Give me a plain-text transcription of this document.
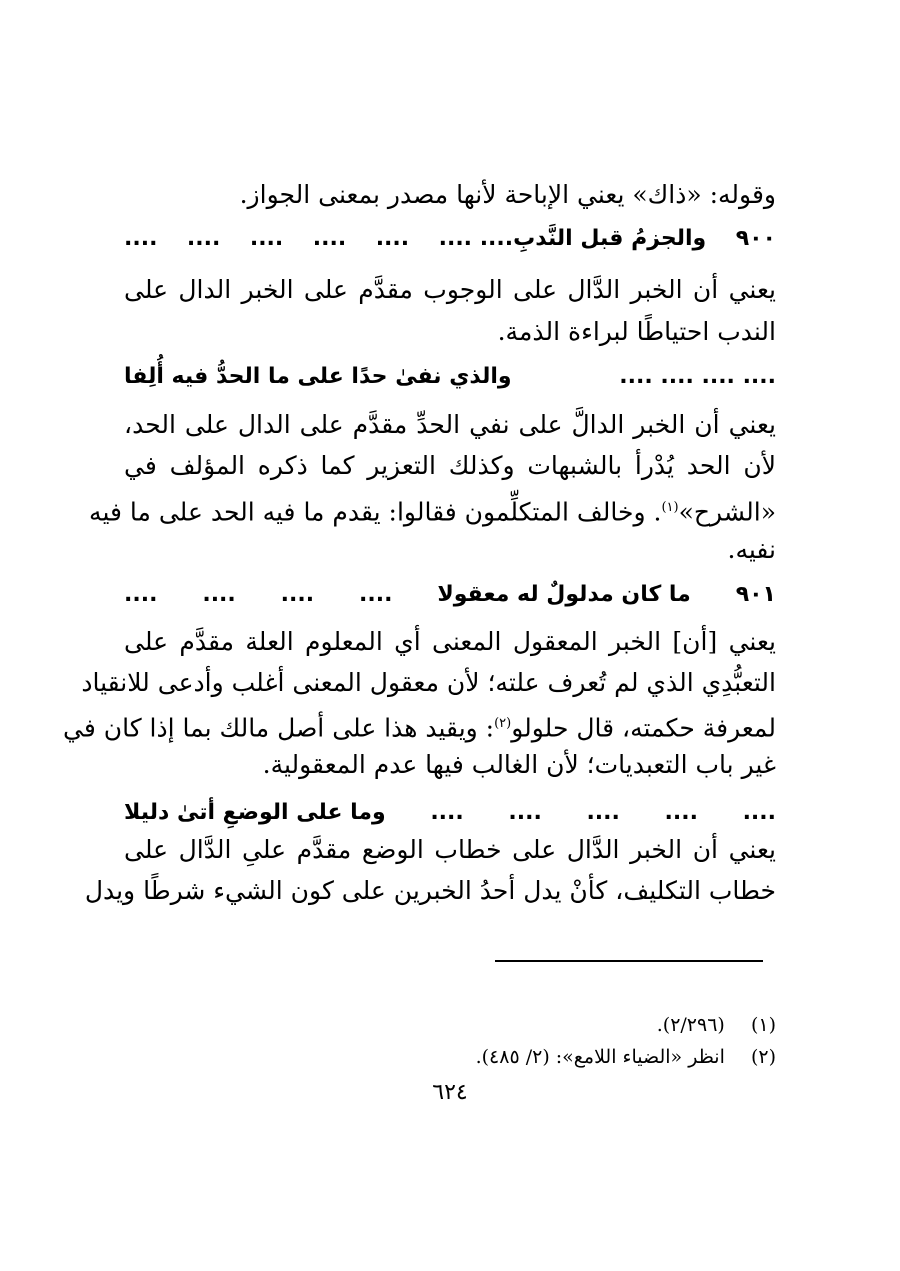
وقوله: «ذاك» يعني الإباحة لأنها مصدر بمعنى الجواز.
٩٠٠
والجزمُ قبل النَّدبِ.... ....
....
....
....
....
....
يعني أن الخبر الدَّال على الوجوب مقدَّم على الخبر الدال على
الندب احتياطًا لبراءة الذمة.
.... .... .... ....
والذي نفىٰ حدًا على ما الحدُّ فيه أُلِفا
يعني أن الخبر الدالَّ على نفي الحدِّ مقدَّم على الدال على الحد،
لأن الحد يُدْرأ بالشبهات وكذلك التعزير كما ذكره المؤلف في
«الشرح»$^{(١)}$. وخالف المتكلِّمون فقالوا: يقدم ما فيه الحد على ما فيه
نفيه.
٩٠١
ما كان مدلولٌ له معقولا
....
....
....
....
يعني [أن] الخبر المعقول المعنى أي المعلوم العلة مقدَّم على
التعبُّدِي الذي لم تُعرف علته؛ لأن معقول المعنى أغلب وأدعى للانقياد
لمعرفة حكمته، قال حلولو$^{(٢)}$: ويقيد هذا على أصل مالك بما إذا كان في
غير باب التعبديات؛ لأن الغالب فيها عدم المعقولية.
....
....
....
....
....
وما على الوضعِ أتىٰ دليلا
يعني أن الخبر الدَّال على خطاب الوضع مقدَّم علىِ الدَّال على
خطاب التكليف، كأنْ يدل أحدُ الخبرين على كون الشيء شرطًا ويدل
(١)  (٢/٢٩٦).
(٢)  انظر «الضياء اللامع»: (٢/ ٤٨٥).
٦٢٤
